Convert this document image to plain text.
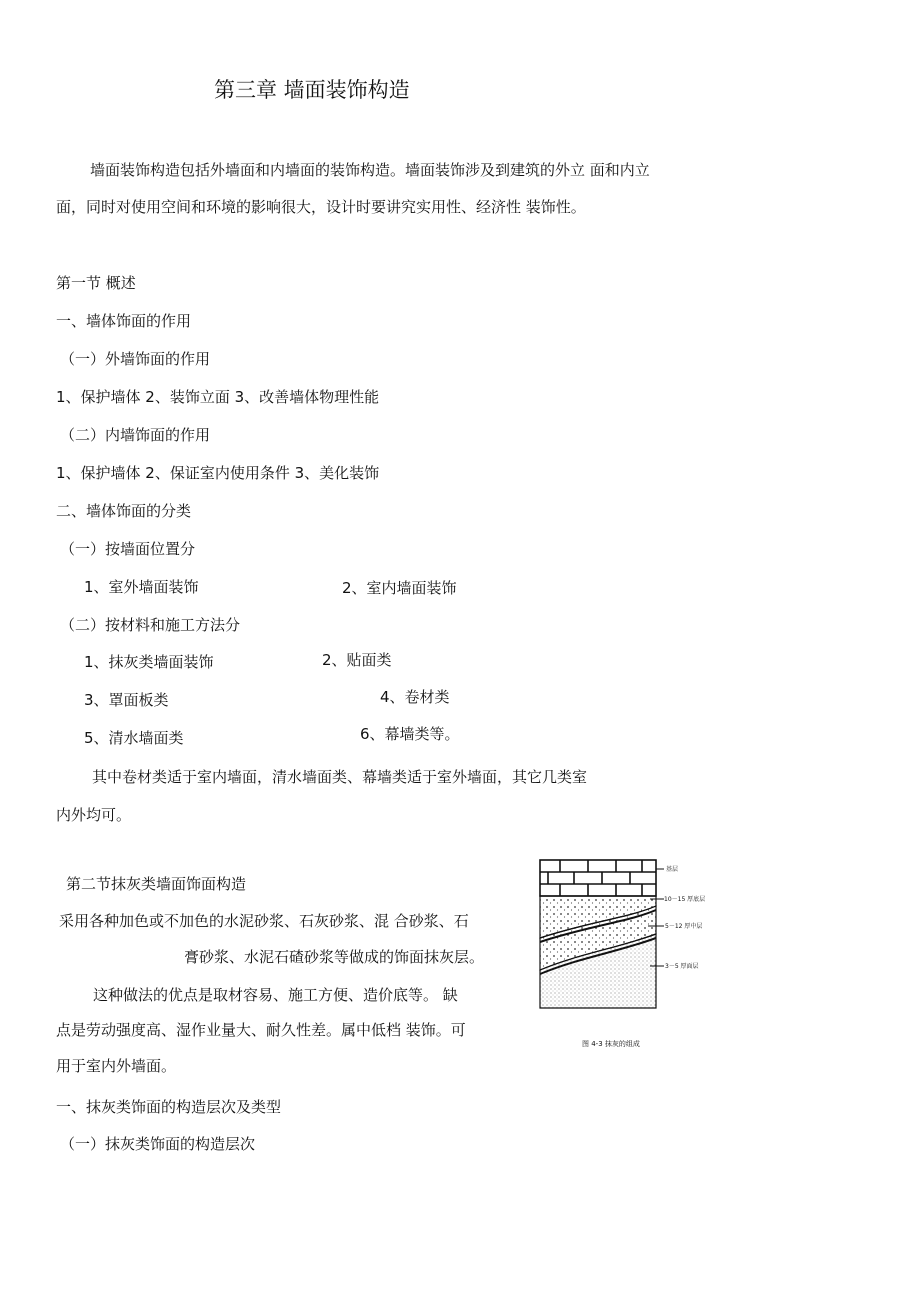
第三章 墙面装饰构造
墙面装饰构造包括外墙面和内墙面的装饰构造。墙面装饰涉及到建筑的外立 面和内立
面，同时对使用空间和环境的影响很大，设计时要讲究实用性、经济性 装饰性。
第一节 概述
一、墙体饰面的作用
（一）外墙饰面的作用
1、保护墙体 2、装饰立面 3、改善墙体物理性能
（二）内墙饰面的作用
1、保护墙体 2、保证室内使用条件 3、美化装饰
二、墙体饰面的分类
（一）按墙面位置分
1、室外墙面装饰	2、室内墙面装饰
（二）按材料和施工方法分
1、抹灰类墙面装饰	2、贴面类
3、罩面板类	4、卷材类
5、清水墙面类	6、幕墙类等。
其中卷材类适于室内墙面，清水墙面类、幕墙类适于室外墙面，其它几类室
内外均可。
第二节抹灰类墙面饰面构造
采用各种加色或不加色的水泥砂浆、石灰砂浆、混 合砂浆、石
膏砂浆、水泥石碴砂浆等做成的饰面抹灰层。
这种做法的优点是取材容易、施工方便、造价底等。 缺
点是劳动强度高、湿作业量大、耐久性差。属中低档 装饰。可
用于室内外墙面。
一、抹灰类饰面的构造层次及类型
（一）抹灰类饰面的构造层次
基层
10－15 厚底层
5－12 厚中层
3－5 厚面层
图 4-3 抹灰的组成
